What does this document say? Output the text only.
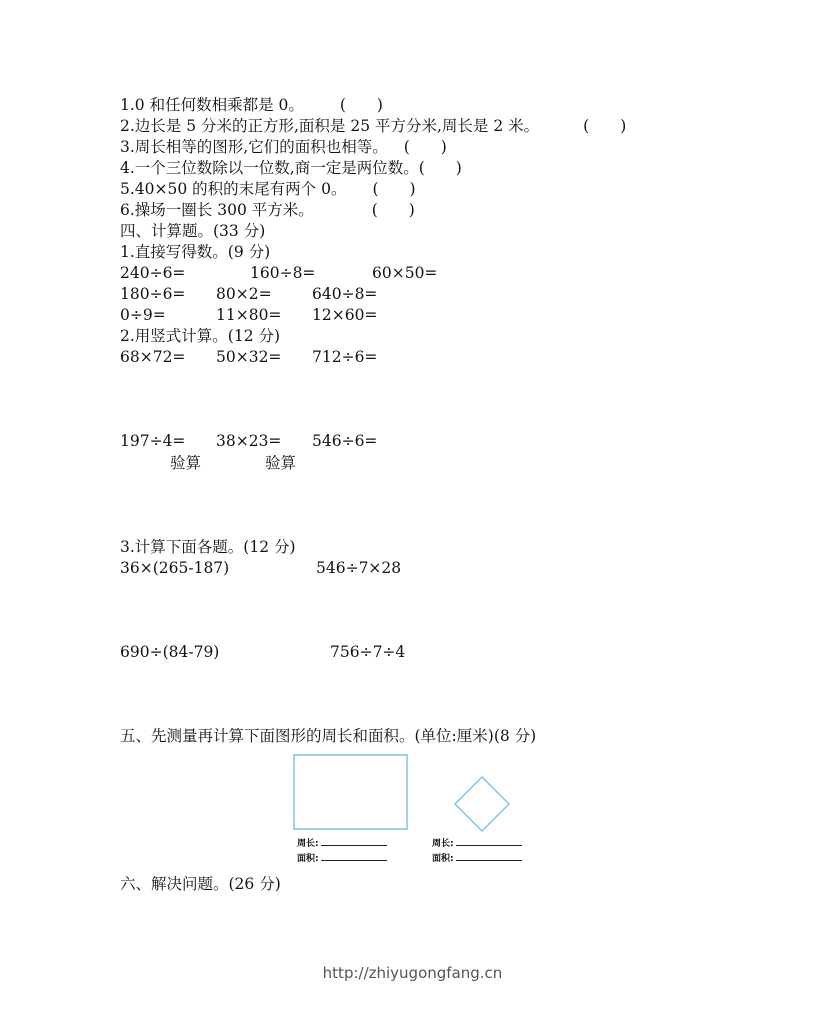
1.0 和任何数相乘都是 0。 (　　)
2.边长是 5 分米的正方形,面积是 25 平方分米,周长是 2 米。	(　　)
3.周长相等的图形,它们的面积也相等。 (　　)
4.一个三位数除以一位数,商一定是两位数。(　　)
5.40×50 的积的末尾有两个 0。 (　　)
6.操场一圈长 300 平方米。	(　　)
四、计算题。(33 分)
1.直接写得数。(9 分)
240÷6=	160÷8=	60×50=
180÷6= 80×2=	640÷8=
0÷9=	11×80= 12×60=
2.用竖式计算。(12 分)
68×72= 50×32= 712÷6=
197÷4= 38×23= 546÷6=
验算	验算
3.计算下面各题。(12 分)
36×(265-187)	546÷7×28
690÷(84-79)	756÷7÷4
五、先测量再计算下面图形的周长和面积。(单位:厘米)(8 分)
周长:
面积:
周长:
面积:
六、解决问题。(26 分)
http://zhiyugongfang.cn
